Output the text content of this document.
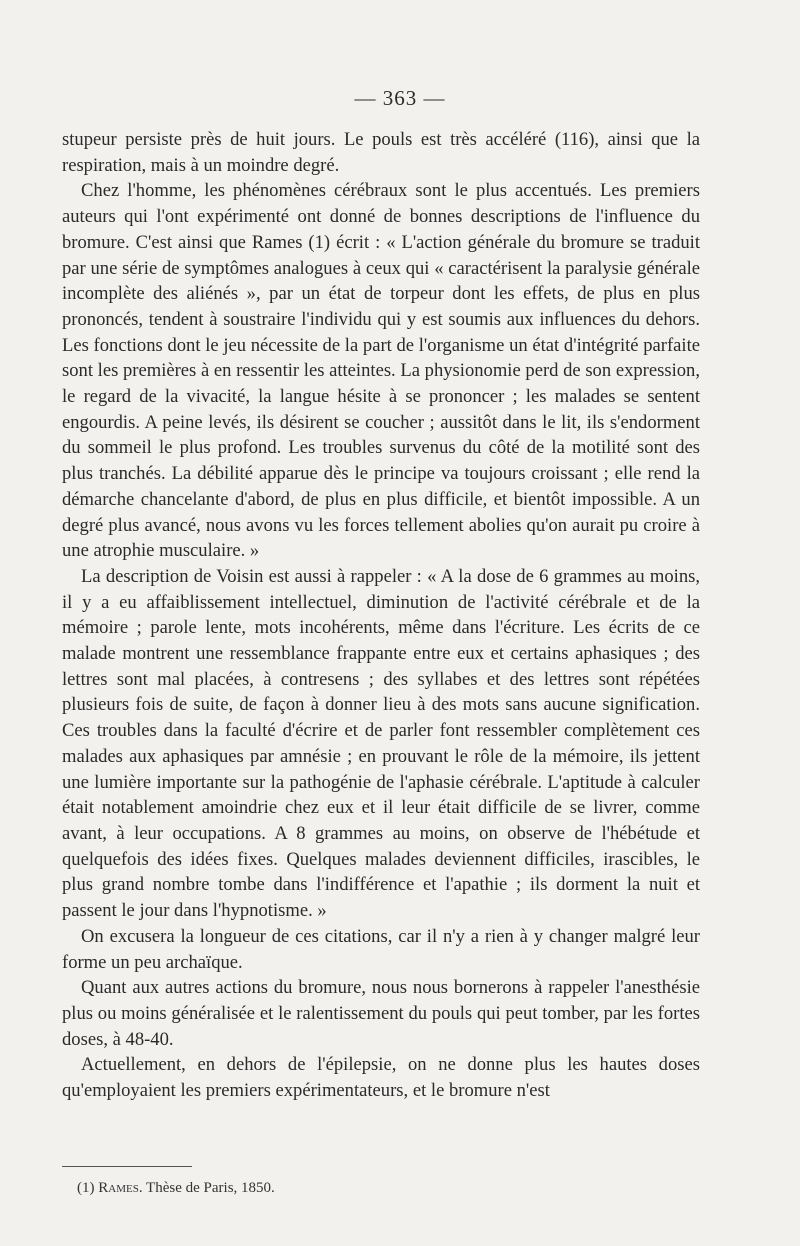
— 363 —

stupeur persiste près de huit jours. Le pouls est très accéléré (116), ainsi que la respiration, mais à un moindre degré.

Chez l'homme, les phénomènes cérébraux sont le plus accentués. Les premiers auteurs qui l'ont expérimenté ont donné de bonnes descriptions de l'influence du bromure. C'est ainsi que Rames (1) écrit : « L'action générale du bromure se traduit par une série de symptômes analogues à ceux qui « caractérisent la paralysie générale incomplète des aliénés », par un état de torpeur dont les effets, de plus en plus prononcés, tendent à soustraire l'individu qui y est soumis aux influences du dehors. Les fonctions dont le jeu nécessite de la part de l'organisme un état d'intégrité parfaite sont les premières à en ressentir les atteintes. La physionomie perd de son expression, le regard de la vivacité, la langue hésite à se prononcer ; les malades se sentent engourdis. A peine levés, ils désirent se coucher ; aussitôt dans le lit, ils s'endorment du sommeil le plus profond. Les troubles survenus du côté de la motilité sont des plus tranchés. La débilité apparue dès le principe va toujours croissant ; elle rend la démarche chancelante d'abord, de plus en plus difficile, et bientôt impossible. A un degré plus avancé, nous avons vu les forces tellement abolies qu'on aurait pu croire à une atrophie musculaire. »

La description de Voisin est aussi à rappeler : « A la dose de 6 grammes au moins, il y a eu affaiblissement intellectuel, diminution de l'activité cérébrale et de la mémoire ; parole lente, mots incohérents, même dans l'écriture. Les écrits de ce malade montrent une ressemblance frappante entre eux et certains aphasiques ; des lettres sont mal placées, à contresens ; des syllabes et des lettres sont répétées plusieurs fois de suite, de façon à donner lieu à des mots sans aucune signification. Ces troubles dans la faculté d'écrire et de parler font ressembler complètement ces malades aux aphasiques par amnésie ; en prouvant le rôle de la mémoire, ils jettent une lumière importante sur la pathogénie de l'aphasie cérébrale. L'aptitude à calculer était notablement amoindrie chez eux et il leur était difficile de se livrer, comme avant, à leur occupations. A 8 grammes au moins, on observe de l'hébétude et quelquefois des idées fixes. Quelques malades deviennent difficiles, irascibles, le plus grand nombre tombe dans l'indifférence et l'apathie ; ils dorment la nuit et passent le jour dans l'hypnotisme. »

On excusera la longueur de ces citations, car il n'y a rien à y changer malgré leur forme un peu archaïque.

Quant aux autres actions du bromure, nous nous bornerons à rappeler l'anesthésie plus ou moins généralisée et le ralentissement du pouls qui peut tomber, par les fortes doses, à 48-40.

Actuellement, en dehors de l'épilepsie, on ne donne plus les hautes doses qu'employaient les premiers expérimentateurs, et le bromure n'est

(1) Rames. Thèse de Paris, 1850.
